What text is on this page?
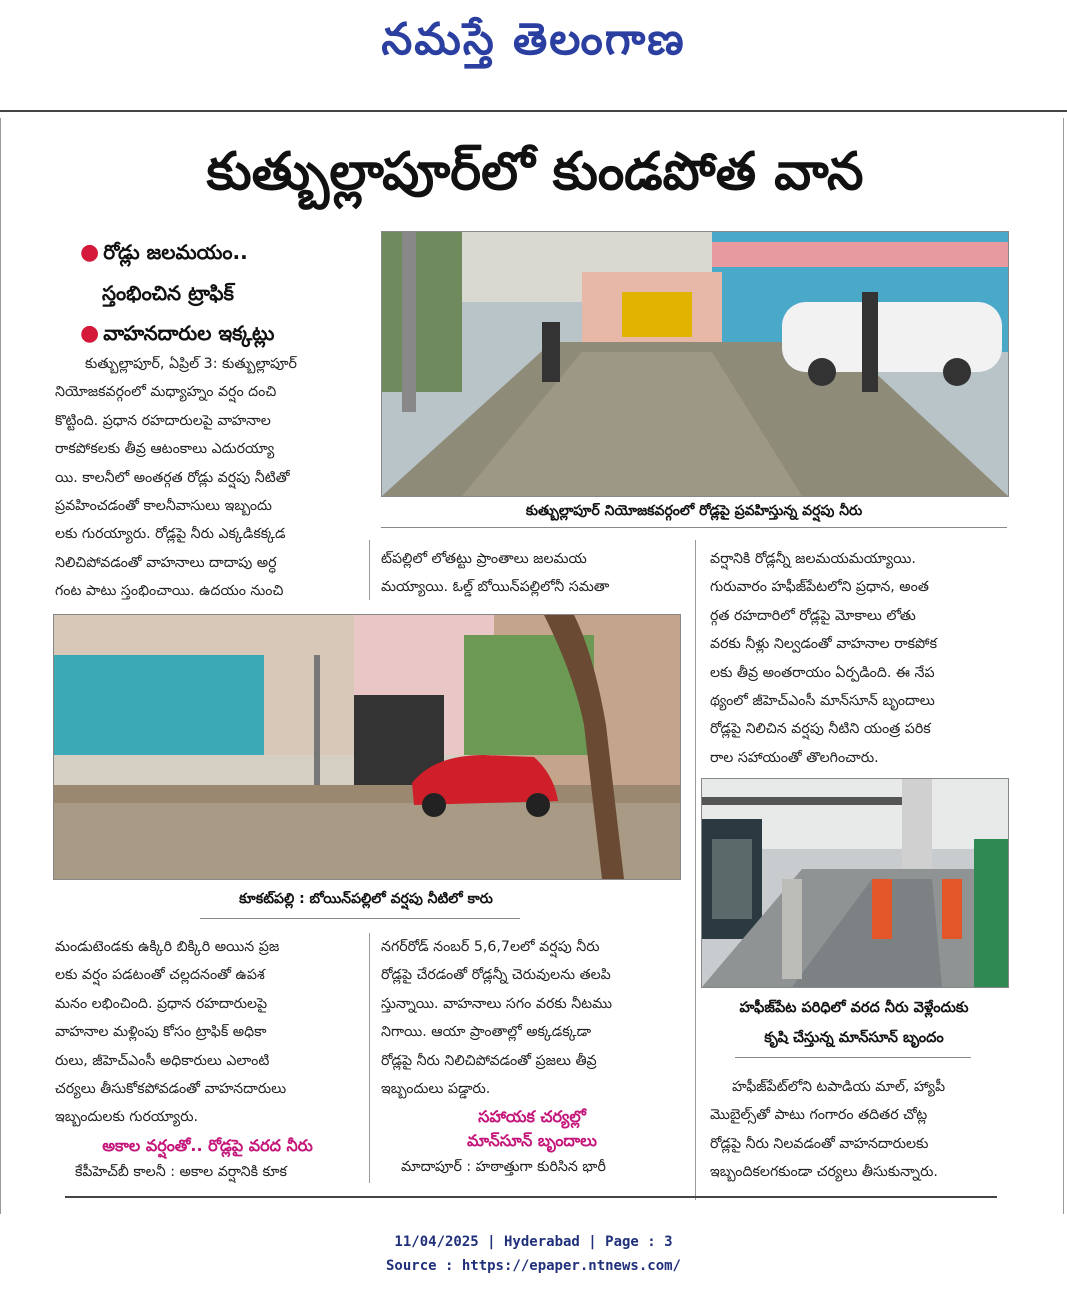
నమస్తే తెలంగాణ
కుత్బుల్లాపూర్‌లో కుండపోత వాన
● రోడ్లు జలమయం..
స్తంభించిన ట్రాఫిక్
● వాహనదారుల ఇక్కట్లు
కుత్బుల్లాపూర్, ఏప్రిల్ 3: కుత్బుల్లాపూర్
నియోజకవర్గంలో మధ్యాహ్నం వర్షం దంచి
కొట్టింది. ప్రధాన రహదారులపై వాహనాల
రాకపోకలకు తీవ్ర ఆటంకాలు ఎదురయ్యా
యి. కాలనీలో అంతర్గత రోడ్లు వర్షపు నీటితో
ప్రవహించడంతో కాలనీవాసులు ఇబ్బందు
లకు గురయ్యారు. రోడ్లపై నీరు ఎక్కడికక్కడ
నిలిచిపోవడంతో వాహనాలు దాదాపు అర్ధ
గంట పాటు స్తంభించాయి. ఉదయం నుంచి
కుత్బుల్లాపూర్ నియోజకవర్గంలో రోడ్లపై ప్రవహిస్తున్న వర్షపు నీరు
ట్‌పల్లిలో లోతట్టు ప్రాంతాలు జలమయ
మయ్యాయి. ఓల్డ్ బోయిన్‌పల్లిలోనీ సమతా
వర్షానికి రోడ్లన్నీ జలమయమయ్యాయి.
గురువారం హఫీజ్‌పేటలోని ప్రధాన, అంత
ర్గత రహదారిలో రోడ్లపై మోకాలు లోతు
వరకు నీళ్లు నిల్వడంతో వాహనాల రాకపోక
లకు తీవ్ర అంతరాయం ఏర్పడింది. ఈ నేప
థ్యంలో జీహెచ్‌ఎంసీ మాన్‌సూన్ బృందాలు
రోడ్లపై నిలిచిన వర్షపు నీటిని యంత్ర పరిక
రాల సహాయంతో తొలగించారు.
కూకట్‌పల్లి : బోయిన్‌పల్లిలో వర్షపు నీటిలో కారు
హఫీజ్‌పేట పరిధిలో వరద నీరు వెళ్లేందుకు
కృషి చేస్తున్న మాన్‌సూన్ బృందం
మండుటెండకు ఉక్కిరి బిక్కిరి అయిన ప్రజ
లకు వర్షం పడటంతో చల్లదనంతో ఉపశ
మనం లభించింది. ప్రధాన రహదారులపై
వాహనాల మళ్లింపు కోసం ట్రాఫిక్ అధికా
రులు, జీహెచ్‌ఎంసీ అధికారులు ఎలాంటి
చర్యలు తీసుకోకపోవడంతో వాహనదారులు
ఇబ్బందులకు గురయ్యారు.
అకాల వర్షంతో.. రోడ్లపై వరద నీరు
కేపీహెచ్‌బీ కాలనీ : అకాల వర్షానికి కూక
నగర్‌రోడ్ నంబర్ 5,6,7లలో వర్షపు నీరు
రోడ్లపై చేరడంతో రోడ్లన్నీ చెరువులను తలపి
స్తున్నాయి. వాహనాలు సగం వరకు నీటము
నిగాయి. ఆయా ప్రాంతాల్లో అక్కడక్కడా
రోడ్లపై నీరు నిలిచిపోవడంతో ప్రజలు తీవ్ర
ఇబ్బందులు పడ్డారు.
సహాయక చర్యల్లో
మాన్‌సూన్ బృందాలు
మాదాపూర్ : హఠాత్తుగా కురిసిన భారీ
హఫీజ్‌పేట్‌లోని టపాడియ మాల్, హ్యాపీ
మొబైల్స్‌తో పాటు గంగారం తదితర చోట్ల
రోడ్లపై నీరు నిలవడంతో వాహనదారులకు
ఇబ్బందికలగకుండా చర్యలు తీసుకున్నారు.
11/04/2025 | Hyderabad | Page : 3
Source : https://epaper.ntnews.com/
